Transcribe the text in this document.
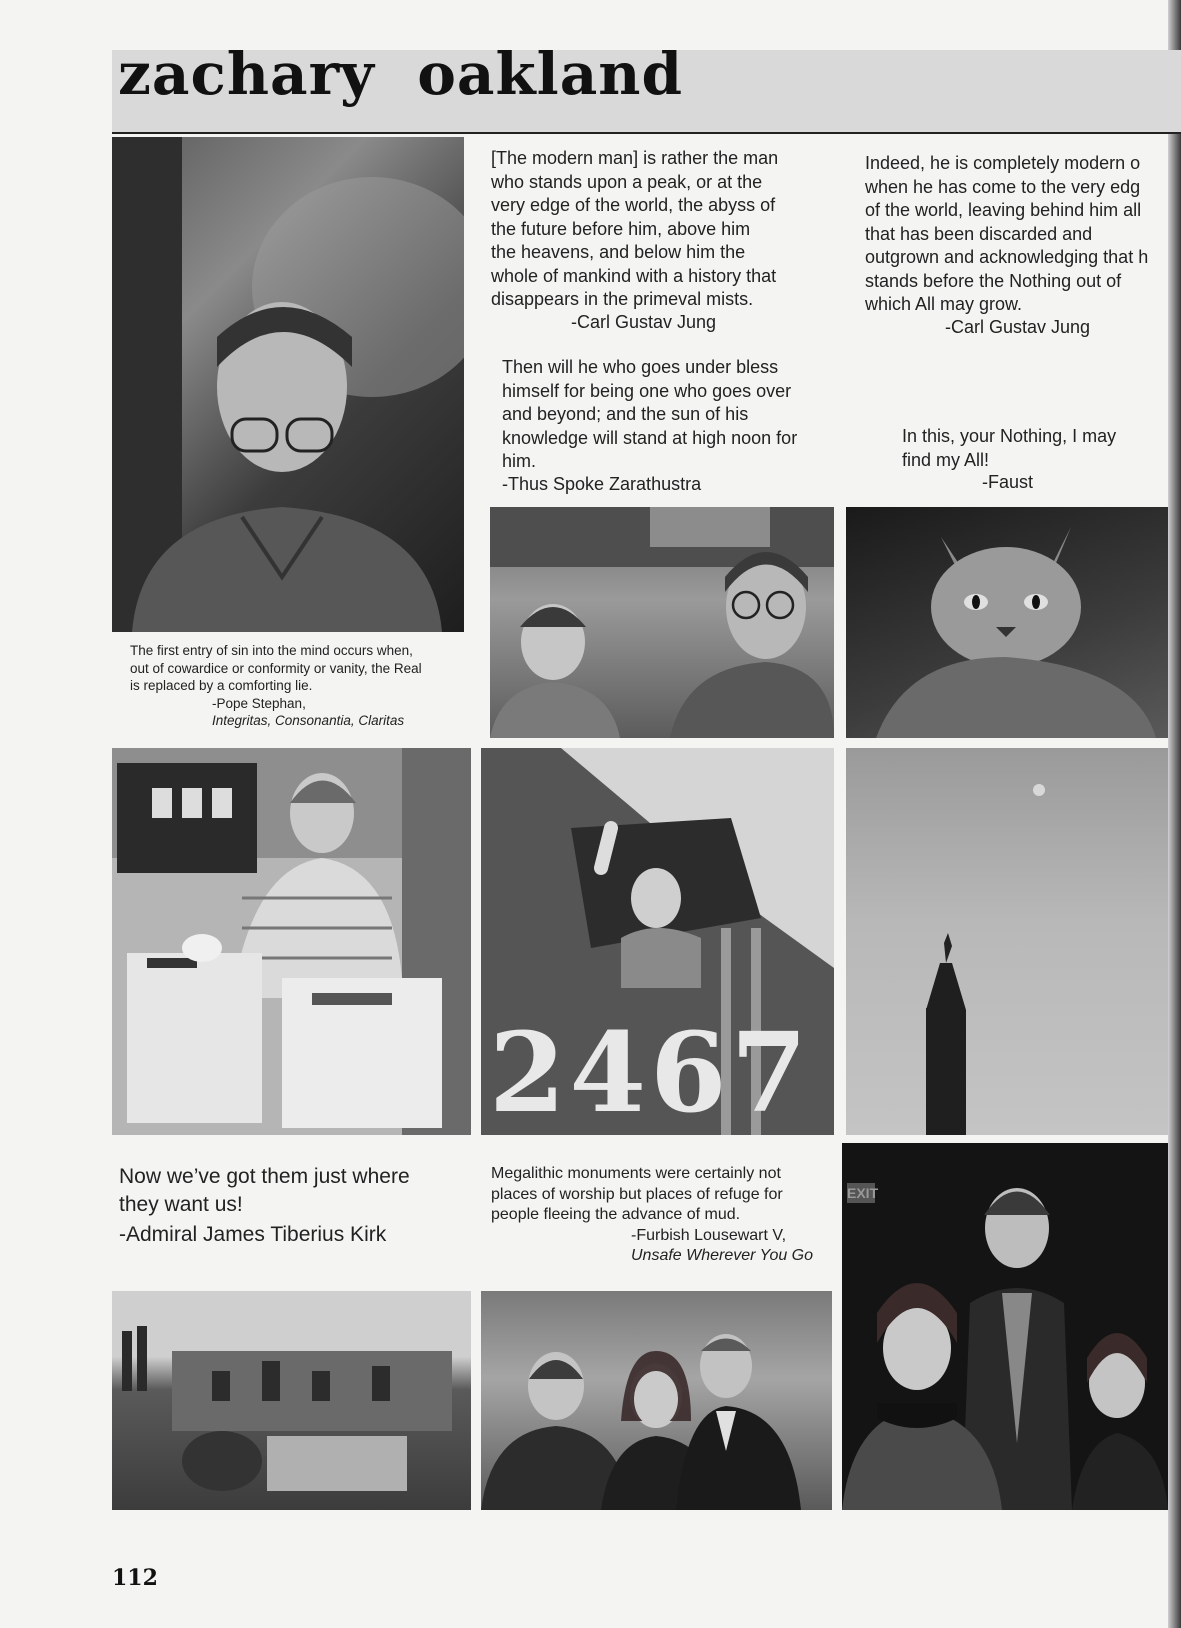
zachary  oakland
The first entry of sin into the mind occurs when,
out of cowardice or conformity or vanity, the Real
is replaced by a comforting lie.
-Pope Stephan,
Integritas, Consonantia, Claritas
[The modern man] is rather the man
who stands upon a peak, or at the
very edge of the world, the abyss of
the future before him, above him
the heavens, and below him the
whole of mankind with a history that
disappears in the primeval mists.
-Carl Gustav Jung
Indeed, he is completely modern o
when he has come to the very edg
of the world, leaving behind him all
that has been discarded and
outgrown and acknowledging that h
stands before the Nothing out of
which All may grow.
-Carl Gustav Jung
Then will he who goes under bless
himself for being one who goes over
and beyond; and the sun of his
knowledge will stand at high noon for
him.
-Thus Spoke Zarathustra
In this, your Nothing, I may
find my All!
-Faust
2467
Now we’ve got them just where
they want us!
-Admiral James Tiberius Kirk
Megalithic monuments were certainly not
places of worship but places of refuge for
people fleeing the advance of mud.
-Furbish Lousewart V,
Unsafe Wherever You Go
EXIT
112
